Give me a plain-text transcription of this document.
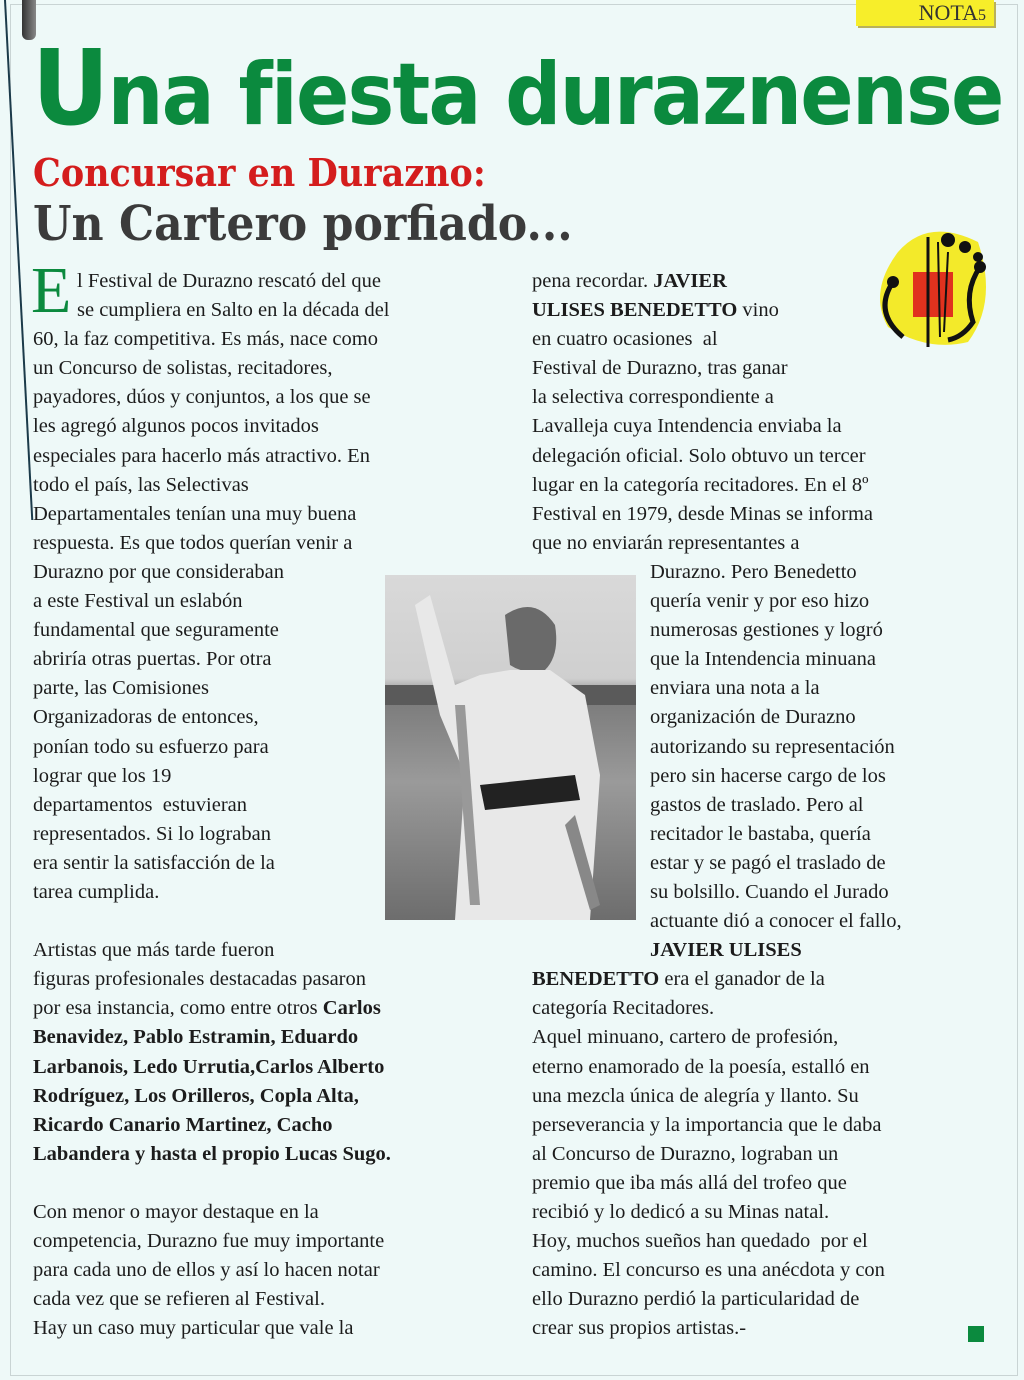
Una fiesta duraznense
NOTA5
Concursar en Durazno:
Un Cartero porfiado...
E l Festival de Durazno rescató del que
se cumpliera en Salto en la década del
60, la faz competitiva. Es más, nace como
un Concurso de solistas, recitadores,
payadores, dúos y conjuntos, a los que se
les agregó algunos pocos invitados
especiales para hacerlo más atractivo. En
todo el país, las Selectivas
Departamentales tenían una muy buena
respuesta. Es que todos querían venir a
Durazno por que consideraban
a este Festival un eslabón
fundamental que seguramente
abriría otras puertas. Por otra
parte, las Comisiones
Organizadoras de entonces,
ponían todo su esfuerzo para
lograr que los 19
departamentos  estuvieran
representados. Si lo lograban
era sentir la satisfacción de la
tarea cumplida.
Artistas que más tarde fueron
figuras profesionales destacadas pasaron
por esa instancia, como entre otros Carlos
Benavidez, Pablo Estramin, Eduardo
Larbanois, Ledo Urrutia,Carlos Alberto
Rodríguez, Los Orilleros, Copla Alta,
Ricardo Canario Martinez, Cacho
Labandera y hasta el propio Lucas Sugo.
Con menor o mayor destaque en la
competencia, Durazno fue muy importante
para cada uno de ellos y así lo hacen notar
cada vez que se refieren al Festival.
Hay un caso muy particular que vale la
pena recordar. JAVIER
ULISES BENEDETTO vino
en cuatro ocasiones  al
Festival de Durazno, tras ganar
la selectiva correspondiente a
Lavalleja cuya Intendencia enviaba la
delegación oficial. Solo obtuvo un tercer
lugar en la categoría recitadores. En el 8º
Festival en 1979, desde Minas se informa
que no enviarán representantes a
Durazno. Pero Benedetto
quería venir y por eso hizo
numerosas gestiones y logró
que la Intendencia minuana
enviara una nota a la
organización de Durazno
autorizando su representación
pero sin hacerse cargo de los
gastos de traslado. Pero al
recitador le bastaba, quería
estar y se pagó el traslado de
su bolsillo. Cuando el Jurado
actuante dió a conocer el fallo,
JAVIER ULISES
BENEDETTO era el ganador de la
categoría Recitadores.
Aquel minuano, cartero de profesión,
eterno enamorado de la poesía, estalló en
una mezcla única de alegría y llanto. Su
perseverancia y la importancia que le daba
al Concurso de Durazno, lograban un
premio que iba más allá del trofeo que
recibió y lo dedicó a su Minas natal.
Hoy, muchos sueños han quedado  por el
camino. El concurso es una anécdota y con
ello Durazno perdió la particularidad de
crear sus propios artistas.-
